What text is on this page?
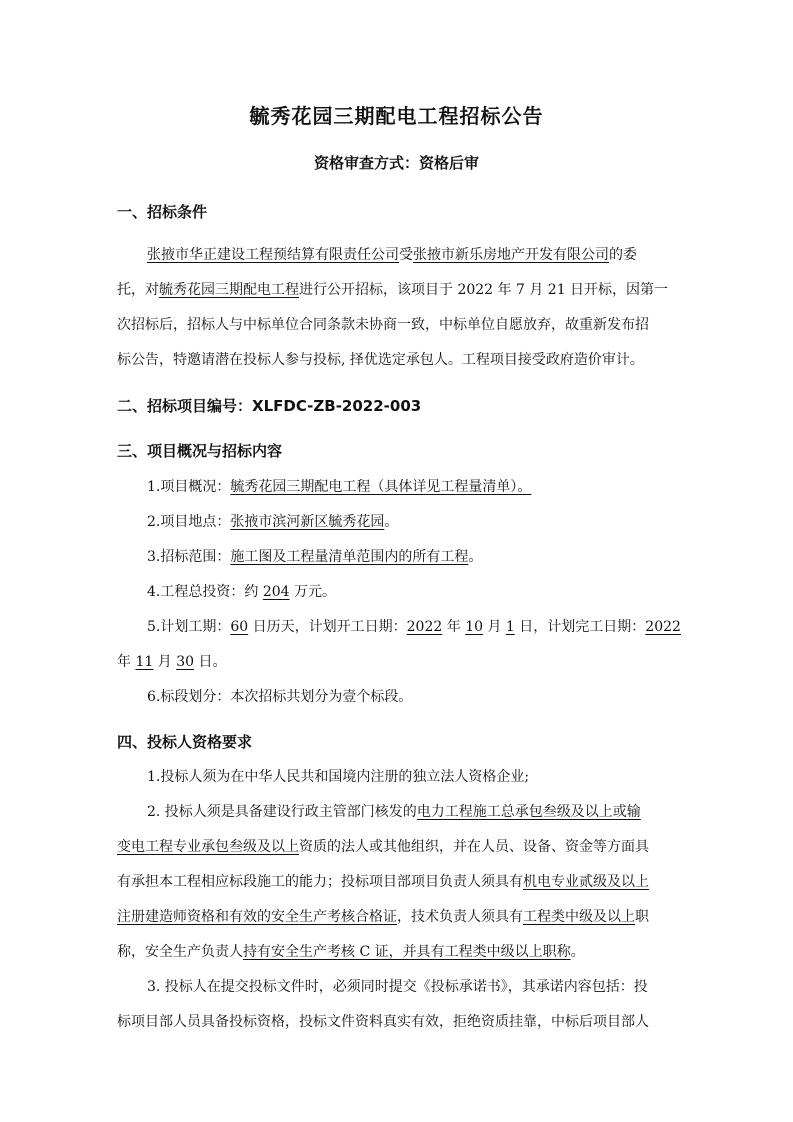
毓秀花园三期配电工程招标公告
资格审查方式：资格后审
一、招标条件
张掖市华正建设工程预结算有限责任公司受张掖市新乐房地产开发有限公司的委
托，对毓秀花园三期配电工程进行公开招标，该项目于 2022 年 7 月 21 日开标，因第一
次招标后，招标人与中标单位合同条款未协商一致，中标单位自愿放弃，故重新发布招
标公告，特邀请潜在投标人参与投标, 择优选定承包人。工程项目接受政府造价审计。
二、招标项目编号：XLFDC-ZB-2022-003
三、项目概况与招标内容
1.项目概况：毓秀花园三期配电工程（具体详见工程量清单）。
2.项目地点：张掖市滨河新区毓秀花园。
3.招标范围：施工图及工程量清单范围内的所有工程。
4.工程总投资：约 204 万元。
5.计划工期：60 日历天，计划开工日期：2022 年 10 月 1 日，计划完工日期：2022
年 11 月 30 日。
6.标段划分：本次招标共划分为壹个标段。
四、投标人资格要求
1.投标人须为在中华人民共和国境内注册的独立法人资格企业;
2. 投标人须是具备建设行政主管部门核发的电力工程施工总承包叁级及以上或输
变电工程专业承包叁级及以上资质的法人或其他组织，并在人员、设备、资金等方面具
有承担本工程相应标段施工的能力；投标项目部项目负责人须具有机电专业贰级及以上
注册建造师资格和有效的安全生产考核合格证，技术负责人须具有工程类中级及以上职
称，安全生产负责人持有安全生产考核 C 证，并具有工程类中级以上职称。
3. 投标人在提交投标文件时，必须同时提交《投标承诺书》，其承诺内容包括：投
标项目部人员具备投标资格，投标文件资料真实有效，拒绝资质挂靠，中标后项目部人
